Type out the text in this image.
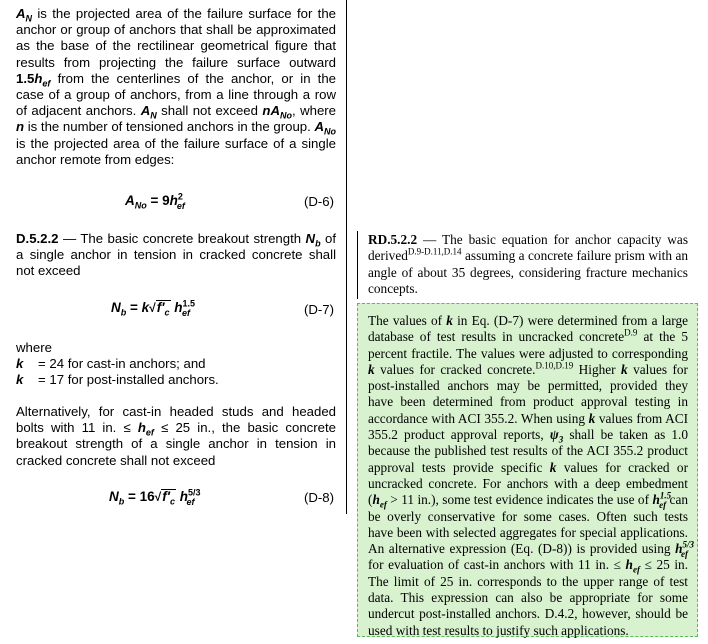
$A_N$ is the projected area of the failure surface for the anchor or group of anchors that shall be approximated as the base of the rectilinear geometrical figure that results from projecting the failure surface outward $1.5h_{ef}$ from the centerlines of the anchor, or in the case of a group of anchors, from a line through a row of adjacent anchors. $A_N$ shall not exceed $nA_{No}$, where n is the number of tensioned anchors in the group. $A_{No}$ is the projected area of the failure surface of a single anchor remote from edges:
$A_{No} = 9h^2_{ef}$	(D-6)
D.5.2.2 — The basic concrete breakout strength $N_b$ of a single anchor in tension in cracked concrete shall not exceed
$N_b = k√f'_c$ $h^{1.5}_{ef}$	(D-7)
where
k = 24 for cast-in anchors; and
k = 17 for post-installed anchors.
Alternatively, for cast-in headed studs and headed bolts with 11 in. ≤ $h_{ef} \le 25$ in., the basic concrete breakout strength of a single anchor in tension in cracked concrete shall not exceed
$N_b = 16√f'_c$ $h^{5/3}_{ef}$	(D-8)
RD.5.2.2 — The basic equation for anchor capacity was derived$^{D.9-D.11,D.14}$ assuming a concrete failure prism with an angle of about 35 degrees, considering fracture mechanics concepts.
The values of k in Eq. (D-7) were determined from a large database of test results in uncracked concrete$^{D.9}$ at the 5 percent fractile. The values were adjusted to corresponding k values for cracked concrete.$^{D.10,D.19}$ Higher k values for post-installed anchors may be permitted, provided they have been determined from product approval testing in accordance with ACI 355.2. When using k values from ACI 355.2 product approval reports, $\psi_3$ shall be taken as 1.0 because the published test results of the ACI 355.2 product approval tests provide specific k values for cracked or uncracked concrete. For anchors with a deep embedment ($h_{ef} > 11$ in.), some test evidence indicates the use of $h^{1.5}_{ef}$ can be overly conservative for some cases. Often such tests have been with selected aggregates for special applications. An alternative expression (Eq. (D-8)) is provided using $h^{5/3}_{ef}$ for evaluation of cast-in anchors with 11 in. ≤ $h_{ef} \le 25$ in. The limit of 25 in. corresponds to the upper range of test data. This expression can also be appropriate for some undercut post-installed anchors. D.4.2, however, should be used with test results to justify such applications.
